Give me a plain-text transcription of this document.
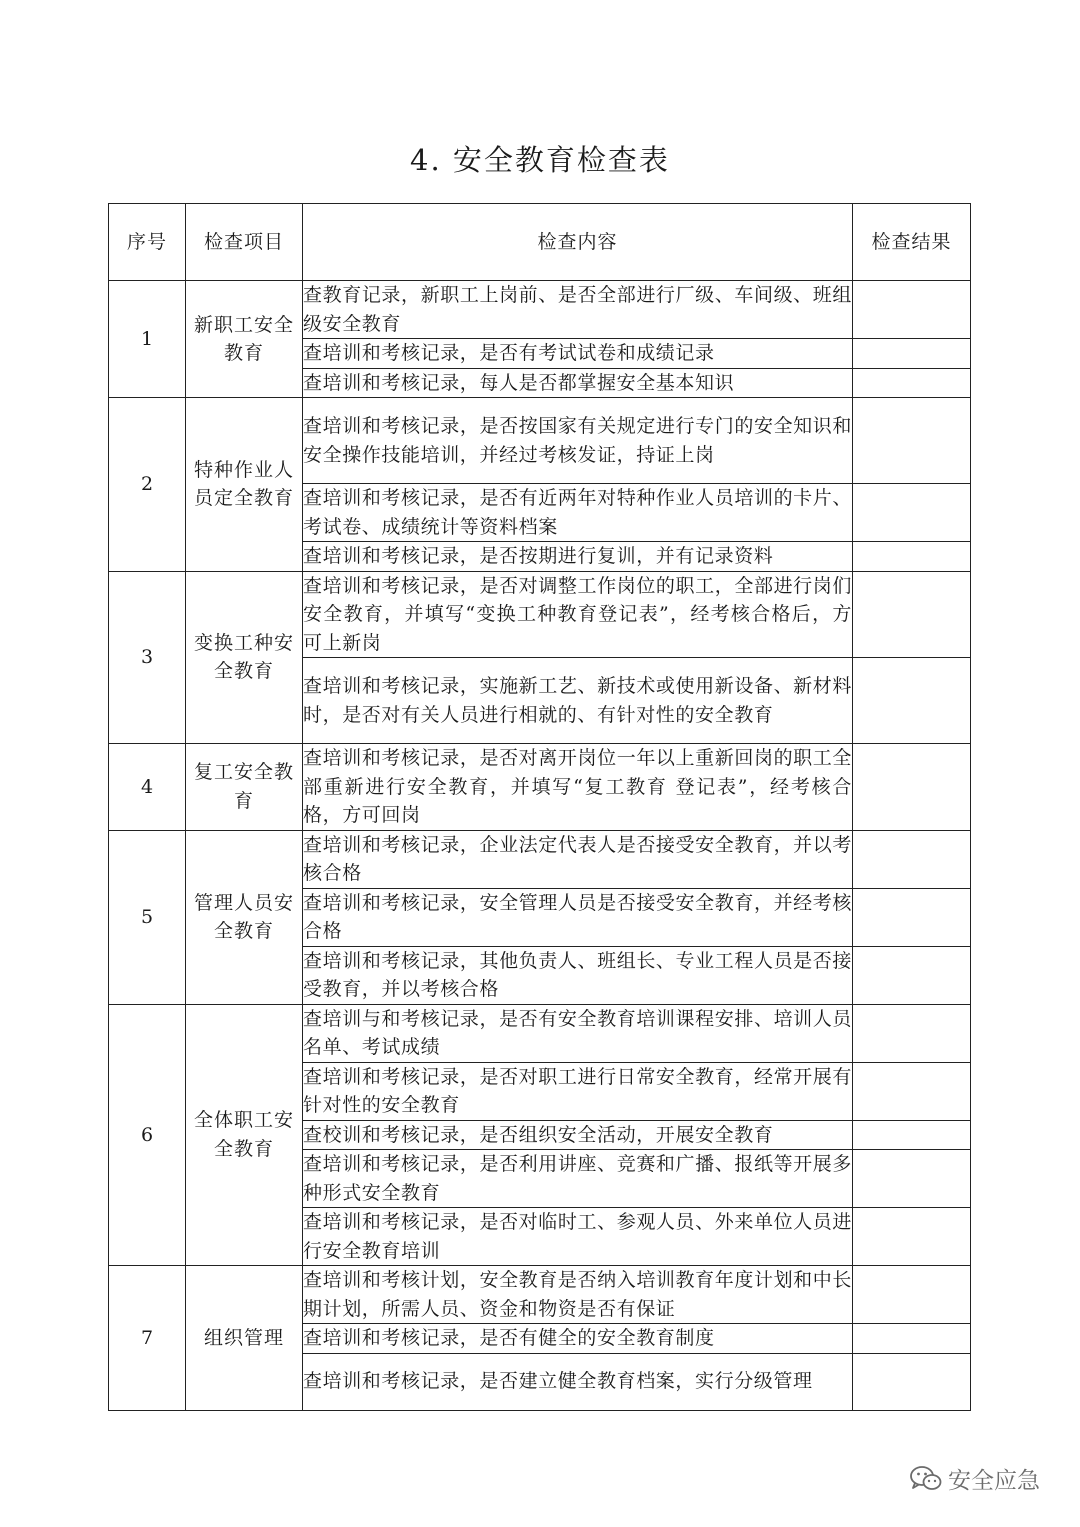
4. 安全教育检查表
序号	检查项目	检查内容	检查结果
1	新职工安全教育	查教育记录，新职工上岗前、是否全部进行厂级、车间级、班组级安全教育	
		查培训和考核记录，是否有考试试卷和成绩记录	
		查培训和考核记录，每人是否都掌握安全基本知识	
2	特种作业人员定全教育	查培训和考核记录，是否按国家有关规定进行专门的安全知识和安全操作技能培训，并经过考核发证，持证上岗	
		查培训和考核记录，是否有近两年对特种作业人员培训的卡片、考试卷、成绩统计等资料档案	
		查培训和考核记录，是否按期进行复训，并有记录资料	
3	变换工种安全教育	查培训和考核记录，是否对调整工作岗位的职工，全部进行岗们安全教育，并填写“变换工种教育登记表”，经考核合格后，方可上新岗	
		查培训和考核记录，实施新工艺、新技术或使用新设备、新材料时，是否对有关人员进行相就的、有针对性的安全教育	
4	复工安全教育	查培训和考核记录，是否对离开岗位一年以上重新回岗的职工全部重新进行安全教育，并填写“复工教育 登记表”，经考核合格，方可回岗	
5	管理人员安全教育	查培训和考核记录，企业法定代表人是否接受安全教育，并以考核合格	
		查培训和考核记录，安全管理人员是否接受安全教育，并经考核合格	
		查培训和考核记录，其他负责人、班组长、专业工程人员是否接受教育，并以考核合格	
6	全体职工安全教育	查培训与和考核记录，是否有安全教育培训课程安排、培训人员名单、考试成绩	
		查培训和考核记录，是否对职工进行日常安全教育，经常开展有针对性的安全教育	
		查校训和考核记录，是否组织安全活动，开展安全教育	
		查培训和考核记录，是否利用讲座、竞赛和广播、报纸等开展多种形式安全教育	
		查培训和考核记录，是否对临时工、参观人员、外来单位人员进行安全教育培训	
7	组织管理	查培训和考核计划，安全教育是否纳入培训教育年度计划和中长期计划，所需人员、资金和物资是否有保证	
		查培训和考核记录，是否有健全的安全教育制度	
		查培训和考核记录，是否建立健全教育档案，实行分级管理	
安全应急
